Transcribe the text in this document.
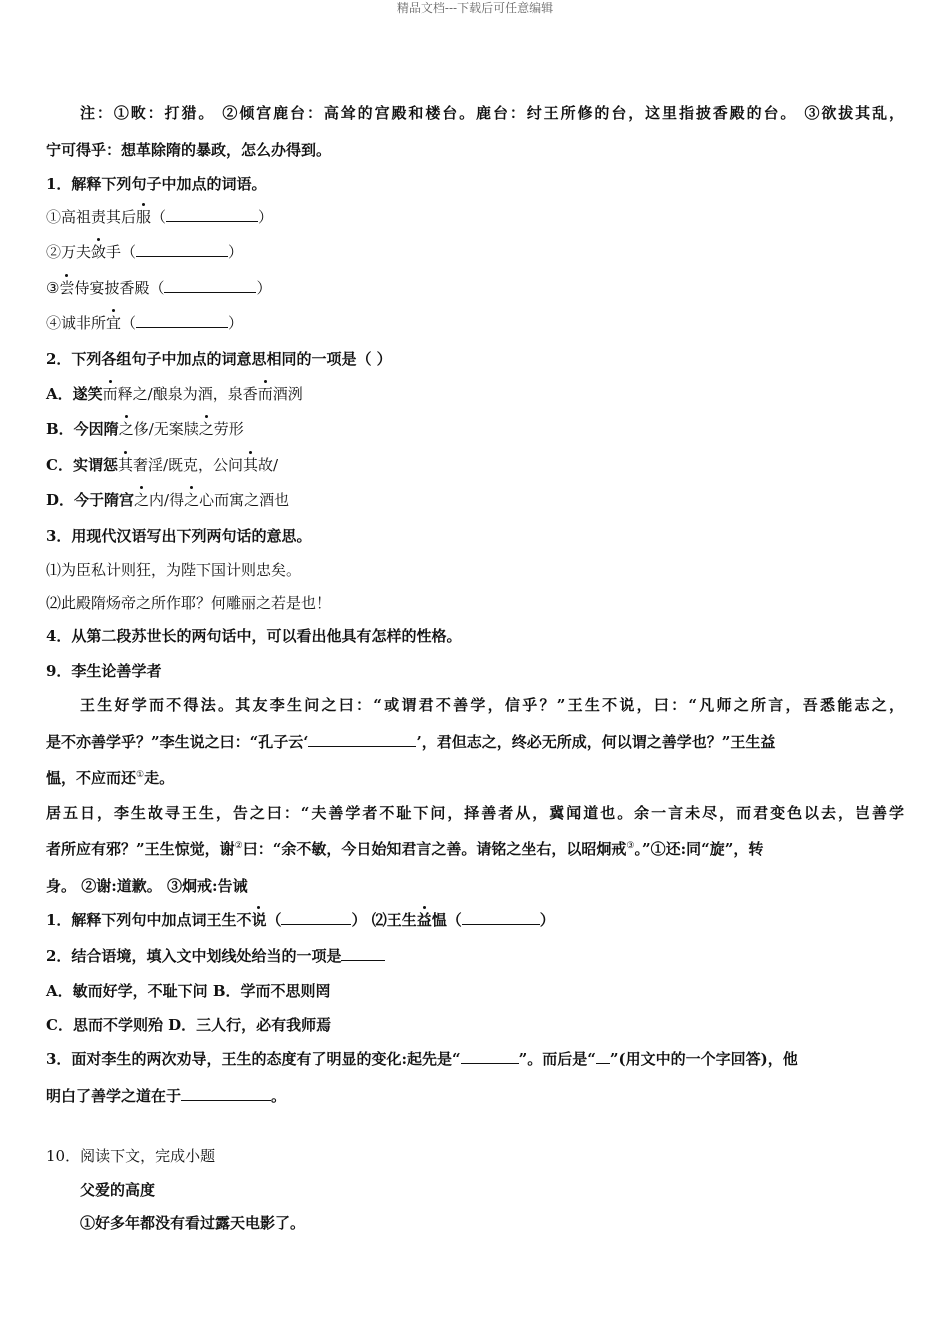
精品文档---下载后可任意编辑
注：①畋：打猎。 ②倾宫鹿台：高耸的宫殿和楼台。鹿台：纣王所修的台，这里指披香殿的台。 ③欲拔其乱，
宁可得乎：想革除隋的暴政，怎么办得到。
1．解释下列句子中加点的词语。
①高祖责其后服（	）
②万夫敛手（	）
③尝侍宴披香殿（	）
④诚非所宜（	）
2．下列各组句子中加点的词意思相同的一项是（ ）
A．遂笑而释之/酿泉为酒，泉香而酒洌
B．今因隋之侈/无案牍之劳形
C．实谓惩其奢淫/既克，公问其故/
D．今于隋宫之内/得之心而寓之酒也
3．用现代汉语写出下列两句话的意思。
⑴为臣私计则狂，为陛下国计则忠矣。
⑵此殿隋炀帝之所作耶？何雕丽之若是也！
4．从第二段苏世长的两句话中，可以看出他具有怎样的性格。
9．李生论善学者
王生好学而不得法。其友李生问之曰：“或谓君不善学，信乎？”王生不说，曰：“凡师之所言，吾悉能志之，
是不亦善学乎？”李生说之曰：“孔子云‘	’，君但志之，终必无所成，何以谓之善学也？”王生益
愠，不应而还①走。
居五日，李生故寻王生，告之曰：“夫善学者不耻下问，择善者从，冀闻道也。余一言未尽，而君变色以去，岂善学
者所应有邪？”王生惊觉，谢②曰：“余不敏，今日始知君言之善。请铭之坐右，以昭炯戒③。”①还:同“旋”，转
身。 ②谢:道歉。 ③炯戒:告诫
1．解释下列句中加点词王生不说（	） ⑵王生益愠（	）
2．结合语境，填入文中划线处给当的一项是
A．敏而好学，不耻下问 B．学而不思则罔
C．思而不学则殆 D．三人行，必有我师焉
3．面对李生的两次劝导，王生的态度有了明显的变化:起先是“	”。而后是“ ”(用文中的一个字回答)，他
明白了善学之道在于	。
10．阅读下文，完成小题
父爱的高度
①好多年都没有看过露天电影了。
